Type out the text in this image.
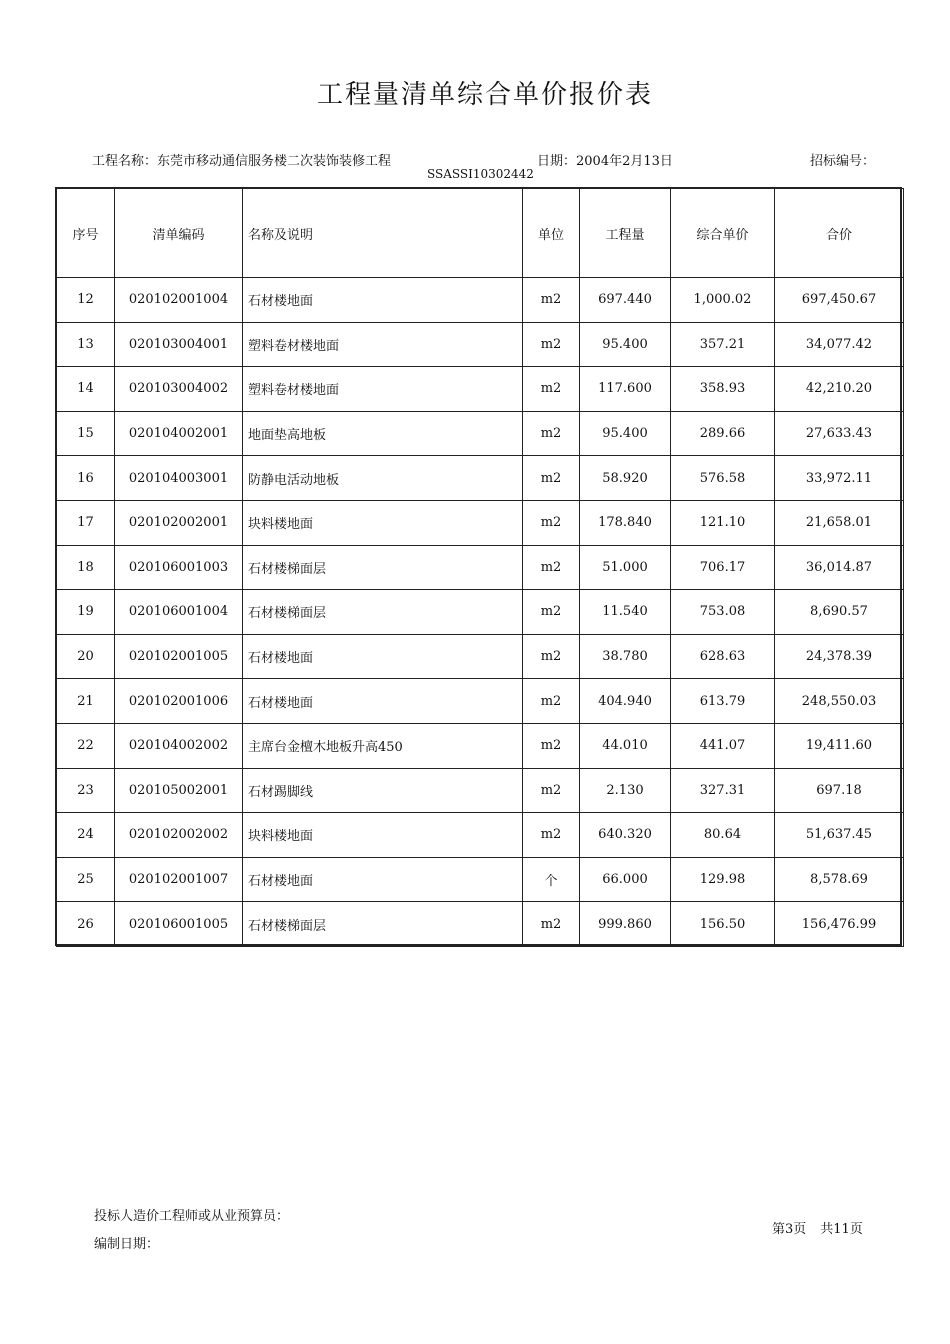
工程量清单综合单价报价表
工程名称：东莞市移动通信服务楼二次装饰装修工程	日期：2004年2月13日	招标编号：
SSASSI10302442
序号	清单编码	名称及说明	单位	工程量	综合单价	合价
12	020102001004	石材楼地面	m2	697.440	1,000.02	697,450.67
13	020103004001	塑料卷材楼地面	m2	95.400	357.21	34,077.42
14	020103004002	塑料卷材楼地面	m2	117.600	358.93	42,210.20
15	020104002001	地面垫高地板	m2	95.400	289.66	27,633.43
16	020104003001	防静电活动地板	m2	58.920	576.58	33,972.11
17	020102002001	块料楼地面	m2	178.840	121.10	21,658.01
18	020106001003	石材楼梯面层	m2	51.000	706.17	36,014.87
19	020106001004	石材楼梯面层	m2	11.540	753.08	8,690.57
20	020102001005	石材楼地面	m2	38.780	628.63	24,378.39
21	020102001006	石材楼地面	m2	404.940	613.79	248,550.03
22	020104002002	主席台金檀木地板升高450	m2	44.010	441.07	19,411.60
23	020105002001	石材踢脚线	m2	2.130	327.31	697.18
24	020102002002	块料楼地面	m2	640.320	80.64	51,637.45
25	020102001007	石材楼地面	个	66.000	129.98	8,578.69
26	020106001005	石材楼梯面层	m2	999.860	156.50	156,476.99
投标人造价工程师或从业预算员：
编制日期：
第3页 共11页
